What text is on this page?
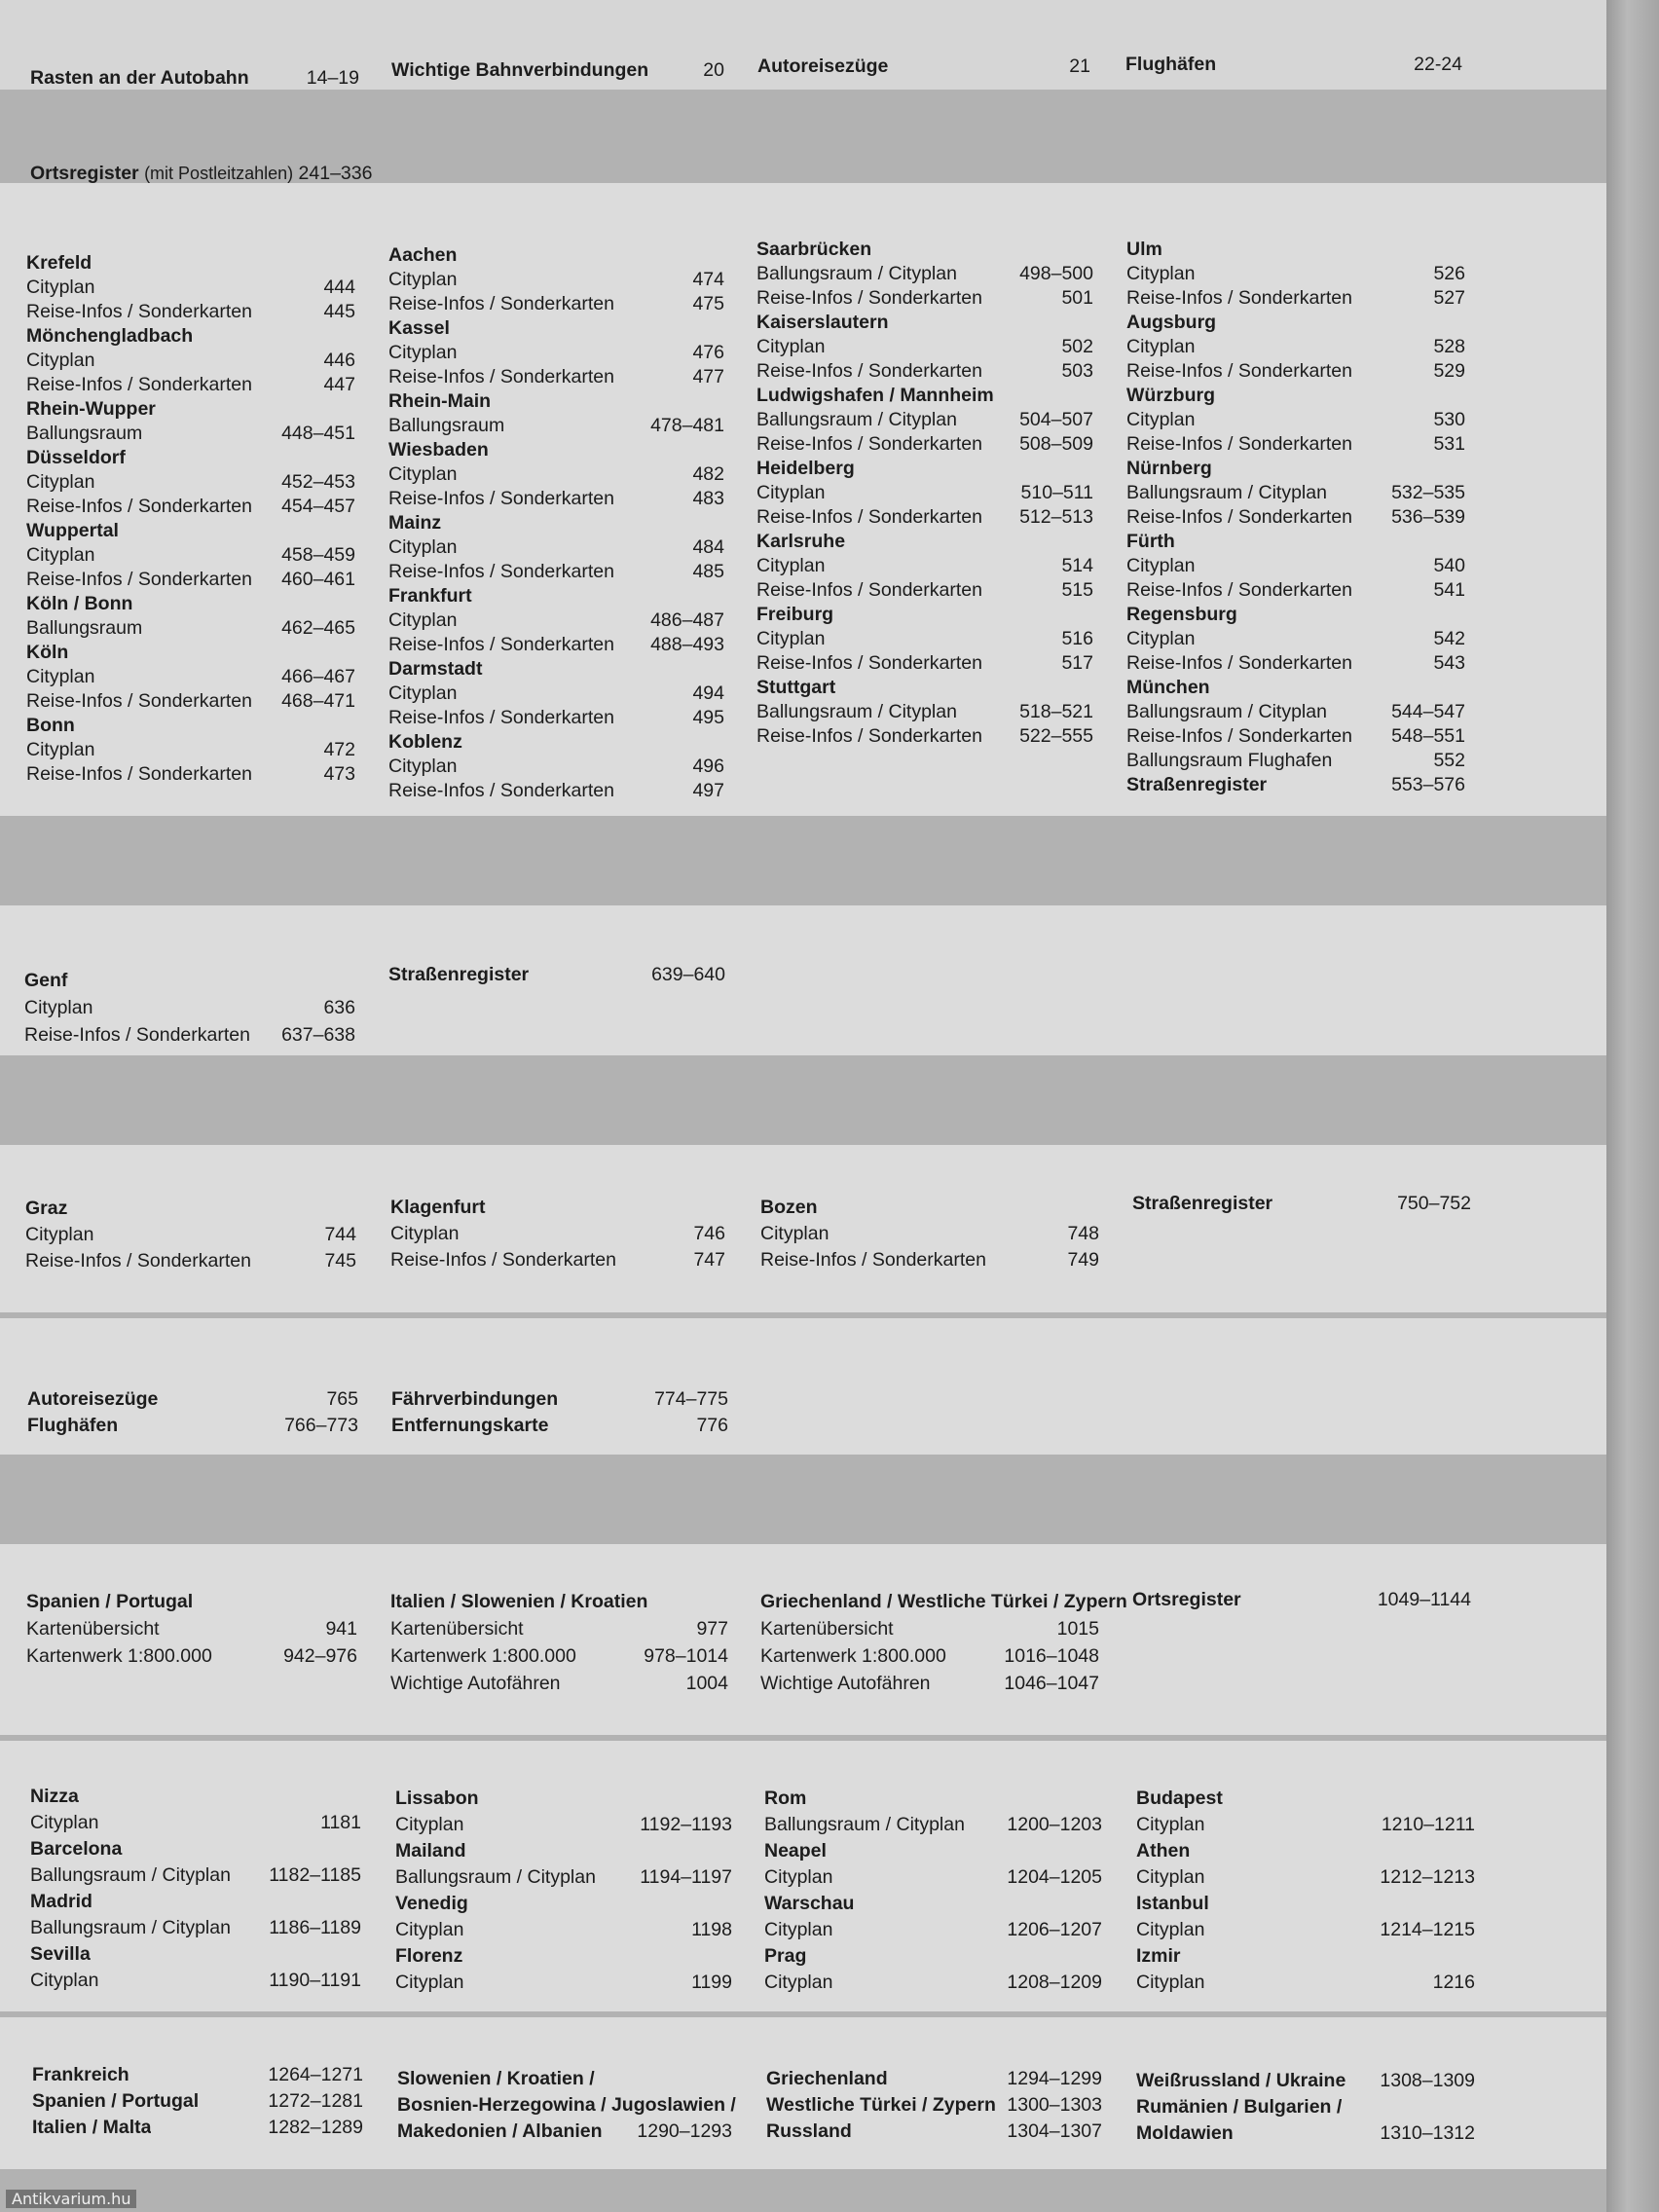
Rasten an der Autobahn	14–19 Wichtige Bahnverbindungen	20 Autoreisezüge	21 Flughäfen	22-24
Ortsregister (mit Postleitzahlen) 241–336
Krefeld
Cityplan	444
Reise-Infos / Sonderkarten	445
Mönchengladbach
Cityplan	446
Reise-Infos / Sonderkarten	447
Rhein-Wupper
Ballungsraum	448–451
Düsseldorf
Cityplan	452–453
Reise-Infos / Sonderkarten	454–457
Wuppertal
Cityplan	458–459
Reise-Infos / Sonderkarten	460–461
Köln / Bonn
Ballungsraum	462–465
Köln
Cityplan	466–467
Reise-Infos / Sonderkarten	468–471
Bonn
Cityplan	472
Reise-Infos / Sonderkarten	473
Aachen
Cityplan	474
Reise-Infos / Sonderkarten	475
Kassel
Cityplan	476
Reise-Infos / Sonderkarten	477
Rhein-Main
Ballungsraum	478–481
Wiesbaden
Cityplan	482
Reise-Infos / Sonderkarten	483
Mainz
Cityplan	484
Reise-Infos / Sonderkarten	485
Frankfurt
Cityplan	486–487
Reise-Infos / Sonderkarten	488–493
Darmstadt
Cityplan	494
Reise-Infos / Sonderkarten	495
Koblenz
Cityplan	496
Reise-Infos / Sonderkarten	497
Saarbrücken
Ballungsraum / Cityplan	498–500
Reise-Infos / Sonderkarten	501
Kaiserslautern
Cityplan	502
Reise-Infos / Sonderkarten	503
Ludwigshafen / Mannheim
Ballungsraum / Cityplan	504–507
Reise-Infos / Sonderkarten	508–509
Heidelberg
Cityplan	510–511
Reise-Infos / Sonderkarten	512–513
Karlsruhe
Cityplan	514
Reise-Infos / Sonderkarten	515
Freiburg
Cityplan	516
Reise-Infos / Sonderkarten	517
Stuttgart
Ballungsraum / Cityplan	518–521
Reise-Infos / Sonderkarten	522–555
Ulm
Cityplan	526
Reise-Infos / Sonderkarten	527
Augsburg
Cityplan	528
Reise-Infos / Sonderkarten	529
Würzburg
Cityplan	530
Reise-Infos / Sonderkarten	531
Nürnberg
Ballungsraum / Cityplan	532–535
Reise-Infos / Sonderkarten	536–539
Fürth
Cityplan	540
Reise-Infos / Sonderkarten	541
Regensburg
Cityplan	542
Reise-Infos / Sonderkarten	543
München
Ballungsraum / Cityplan	544–547
Reise-Infos / Sonderkarten	548–551
Ballungsraum Flughafen	552
Straßenregister	553–576
Genf
Cityplan	636
Reise-Infos / Sonderkarten	637–638
Straßenregister	639–640
Graz
Cityplan	744
Reise-Infos / Sonderkarten	745
Klagenfurt
Cityplan	746
Reise-Infos / Sonderkarten	747
Bozen
Cityplan	748
Reise-Infos / Sonderkarten	749
Straßenregister	750–752
Autoreisezüge	765
Flughäfen	766–773
Fährverbindungen	774–775
Entfernungskarte	776
Spanien / Portugal
Kartenübersicht	941
Kartenwerk 1:800.000	942–976
Italien / Slowenien / Kroatien
Kartenübersicht	977
Kartenwerk 1:800.000	978–1014
Wichtige Autofähren	1004
Griechenland / Westliche Türkei / Zypern
Kartenübersicht	1015
Kartenwerk 1:800.000	1016–1048
Wichtige Autofähren	1046–1047
Ortsregister	1049–1144
Nizza
Cityplan	1181
Barcelona
Ballungsraum / Cityplan	1182–1185
Madrid
Ballungsraum / Cityplan	1186–1189
Sevilla
Cityplan	1190–1191
Lissabon
Cityplan	1192–1193
Mailand
Ballungsraum / Cityplan	1194–1197
Venedig
Cityplan	1198
Florenz
Cityplan	1199
Rom
Ballungsraum / Cityplan	1200–1203
Neapel
Cityplan	1204–1205
Warschau
Cityplan	1206–1207
Prag
Cityplan	1208–1209
Budapest
Cityplan	1210–1211
Athen
Cityplan	1212–1213
Istanbul
Cityplan	1214–1215
Izmir
Cityplan	1216
Frankreich	1264–1271
Spanien / Portugal	1272–1281
Italien / Malta	1282–1289
Slowenien / Kroatien /
Bosnien-Herzegowina / Jugoslawien /
Makedonien / Albanien	1290–1293
Griechenland	1294–1299
Westliche Türkei / Zypern 1300–1303
Russland	1304–1307
Weißrussland / Ukraine	1308–1309
Rumänien / Bulgarien /
Moldawien	1310–1312
Antikvarium.hu
